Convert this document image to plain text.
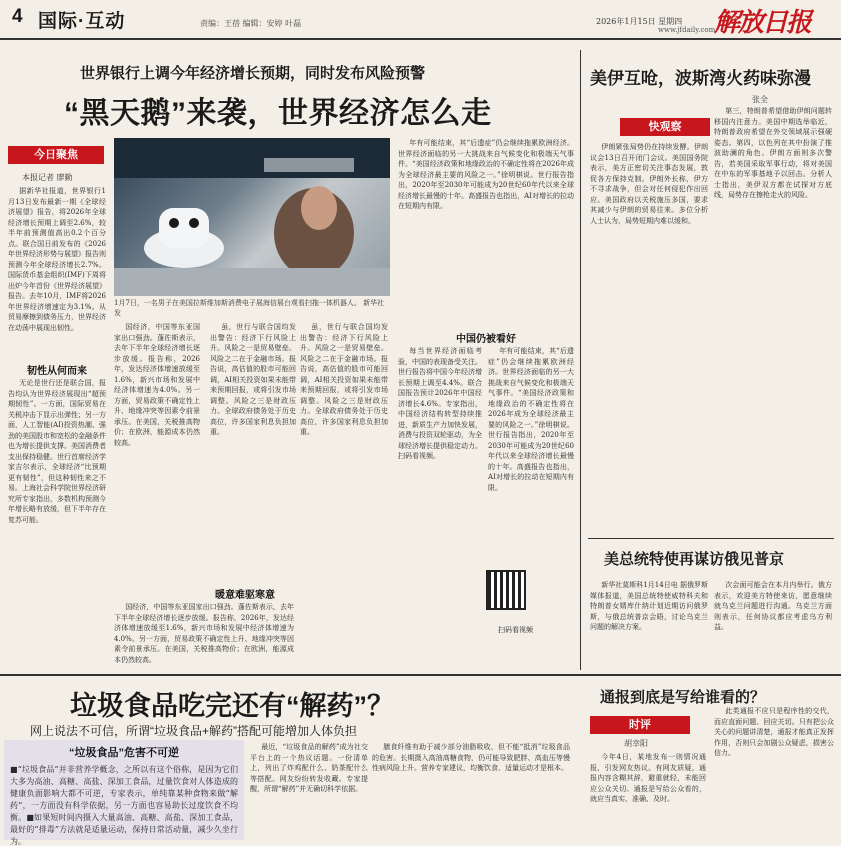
4 国际·互动	责编：王蓓 编辑：安婷 叶磊	2026年1月15日 星期四
www.jfdaily.com
解放日报
世界银行上调今年经济增长预期，同时发布风险预警
“黑天鹅”来袭，世界经济怎么走
今日聚焦
本报记者 廖勤

据新华社报道，世界银行1月13日发布最新一期《全球经济展望》报告，将2026年全球经济增长预期上调至2.6%，较半年前预测值高出0.2个百分点。联合国日前发布的《2026年世界经济形势与展望》报告则预测今年全球经济增长2.7%。国际货币基金组织(IMF)下周将出炉今年首份《世界经济展望》报告。去年10月，IMF将2026年世界经济增速定为3.1%。从贸易摩擦到债务压力，世界经济在动荡中展现出韧性。

韧性从何而来

无论是世行还是联合国，报告均认为世界经济展现出“超预期韧性”。一方面，国际贸易在关税冲击下显示出弹性；另一方面，人工智能(AI)投资热潮、强劲的美国股市和宽松的金融条件也为增长提供支撑。美国消费者支出保持稳健。世行首席经济学家吉尔表示，全球经济“比预期更有韧性”，但这种韧性来之不易。上海社会科学院世界经济研究所专家指出，多数机构预测今年增长略有放缓，但下半年存在复苏可能。

1月7日，一名男子在美国拉斯维加斯消费电子展海信展台观看扫拖一体机器人。 新华社 发

国经济，中国等东亚国家出口强劲。蓬佐斯表示，去年下半年全球经济增长逐步放缓。报告称，2026年，发达经济体增速放缓至1.6%，新兴市场和发展中经济体增速为4.0%。另一方面，贸易政策不确定性上升、地缘冲突等因素令前景承压。在美国，关税推高物价；在欧洲，能源成本仍然较高。

暖意难驱寒意

虽，世行与联合国均发出警告：经济下行风险上升。风险之一是贸易壁垒。风险之二在于金融市场。报告说，高估值的股市可能回调，AI相关投资如果未能带来预期回报，或将引发市场调整。风险之三是财政压力。全球政府债务处于历史高位，许多国家利息负担加重。

国经济，中国等东亚国家出口强劲。蓬佐斯表示，去年下半年全球经济增长逐步放缓。报告称，2026年，发达经济体增速放缓至1.6%，新兴市场和发展中经济体增速为4.0%。另一方面，贸易政策不确定性上升、地缘冲突等因素令前景承压。在美国，关税推高物价；在欧洲，能源成本仍然较高。

虽，世行与联合国均发出警告：经济下行风险上升。风险之一是贸易壁垒。风险之二在于金融市场。报告说，高估值的股市可能回调，AI相关投资如果未能带来预期回报，或将引发市场调整。风险之三是财政压力。全球政府债务处于历史高位，许多国家利息负担加重。

年有可能结束，其“后遗症”仍会继续拖累欧洲经济。世界经济面临的另一大挑战来自气候变化和极端天气事件。“美国经济政策和地缘政治的不确定性将在2026年成为全球经济最主要的风险之一。”徐明棋说。世行报告指出，2020年至2030年可能成为20世纪60年代以来全球经济增长最慢的十年。高盛报告也指出，AI对增长的拉动在短期内有限。

中国仍被看好

每当世界经济面临考验，中国的表现备受关注。世行报告将中国今年经济增长预期上调至4.4%。联合国报告预计2026年中国经济增长4.6%。专家指出，中国经济结构转型持续推进，新质生产力加快发展，消费与投资双轮驱动，为全球经济增长提供稳定动力。扫码看视频。

年有可能结束，其“后遗症”仍会继续拖累欧洲经济。世界经济面临的另一大挑战来自气候变化和极端天气事件。“美国经济政策和地缘政治的不确定性将在2026年成为全球经济最主要的风险之一。”徐明棋说。世行报告指出，2020年至2030年可能成为20世纪60年代以来全球经济增长最慢的十年。高盛报告也指出，AI对增长的拉动在短期内有限。

扫码看视频
美伊互呛，波斯湾火药味弥漫
张全
快观察

伊朗紧张局势仍在持续发酵。伊朗议会13日召开闭门会议。美国国务院表示，美方正密切关注事态发展，敦促各方保持克制。伊朗外长称，伊方不寻求战争，但会对任何侵犯作出回应。美国政府以关税施压多国，要求其减少与伊朗的贸易往来。多位分析人士认为，局势短期内难以缓和。

第三，特朗普希望借助伊朗问题转移国内注意力。美国中期选举临近，特朗普政府希望在外交领域展示强硬姿态。第四，以色列在其中扮演了推波助澜的角色。伊朗方面则多次警告，若美国采取军事行动，将对美国在中东的军事基地予以回击。分析人士指出，美伊双方都在试探对方底线，局势存在擦枪走火的风险。

美总统特使再谋访俄见普京

新华社莫斯科1月14日电 据俄罗斯媒体报道，美国总统特使威特科夫和特朗普女婿库什纳计划近期访问俄罗斯，与俄总统普京会晤，讨论乌克兰问题的解决方案。

次会面可能会在本月内举行。俄方表示，欢迎美方特使来访，愿意继续就乌克兰问题进行沟通。乌克兰方面则表示，任何协议都应考虑乌方利益。

垃圾食品吃完还有“解药”？
网上说法不可信，所谓“垃圾食品+解药”搭配可能增加人体负担
“垃圾食品”危害不可逆
■“垃圾食品”并非营养学概念，之所以有这个俗称，是因为它们大多为高油、高糖、高盐、深加工食品，过量饮食对人体造成的健康负面影响大都不可逆，专家表示，单纯靠某种食物来做“解药”，一方面没有科学依据，另一方面也容易助长过度饮食不均衡。■如果短时间内摄入大量高油、高糖、高盐、深加工食品，最好的“排毒”方法就是适量运动，保持日常活动量，减少久坐行为。

最近，“垃圾食品的解药”成为社交平台上的一个热议话题。一份清单上，列出了炸鸡配什么、奶茶配什么等搭配。网友纷纷转发收藏。专家提醒，所谓“解药”并无确切科学依据。

膳食纤维有助于减少部分油脂吸收，但不能“抵消”垃圾食品的危害。长期摄入高油高糖食物，仍可能导致肥胖、高血压等慢性病风险上升。营养专家建议，均衡饮食、适量运动才是根本。

通报到底是写给谁看的？
时评
胡幸阳

今年4日，某地发布一则情况通报，引发网友热议。有网友质疑，通报内容含糊其辞，避重就轻，未能回应公众关切。通报是写给公众看的，就应当真实、准确、及时。

此类通报不应只是程序性的交代，而应直面问题、回应关切。只有把公众关心的问题讲清楚，通报才能真正发挥作用，否则只会加剧公众疑虑，损害公信力。
